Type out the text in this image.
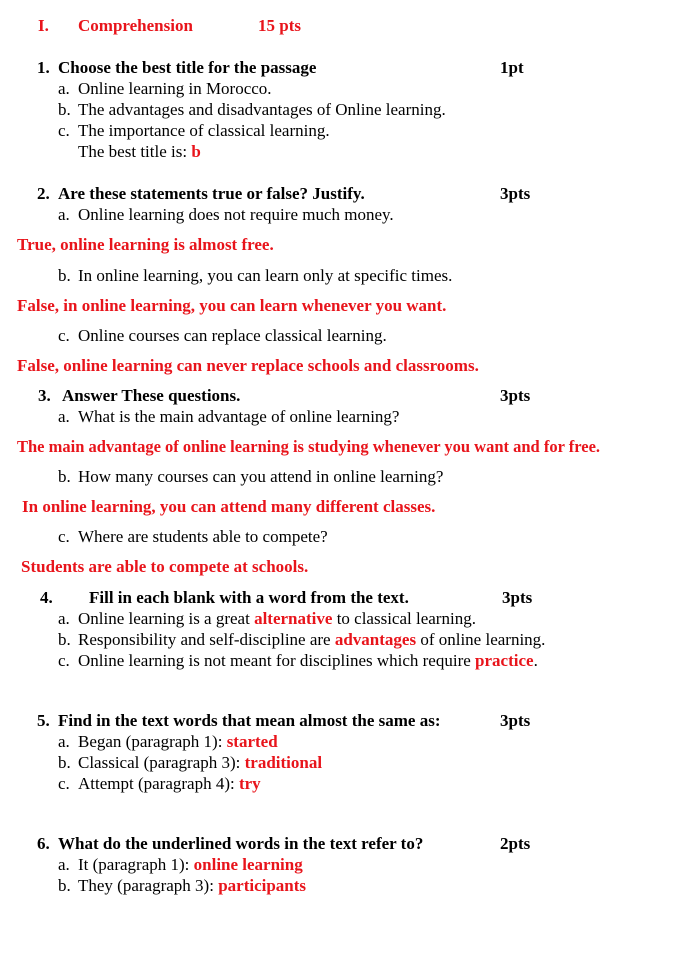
I. Comprehension	15 pts
1. Choose the best title for the passage	1pt
a. Online learning in Morocco.
b. The advantages and disadvantages of Online learning.
c. The importance of classical learning.
The best title is: b
2. Are these statements true or false? Justify.	3pts
a. Online learning does not require much money.
True, online learning is almost free.
b. In online learning, you can learn only at specific times.
False, in online learning, you can learn whenever you want.
c. Online courses can replace classical learning.
False, online learning can never replace schools and classrooms.
3. Answer These questions.	3pts
a. What is the main advantage of online learning?
The main advantage of online learning is studying whenever you want and for free.
b. How many courses can you attend in online learning?
In online learning, you can attend many different classes.
c. Where are students able to compete?
Students are able to compete at schools.
4. Fill in each blank with a word from the text.	3pts
a. Online learning is a great alternative to classical learning.
b. Responsibility and self-discipline are advantages of online learning.
c. Online learning is not meant for disciplines which require practice.
5. Find in the text words that mean almost the same as:	3pts
a. Began (paragraph 1): started
b. Classical (paragraph 3): traditional
c. Attempt (paragraph 4): try
6. What do the underlined words in the text refer to?	2pts
a. It (paragraph 1): online learning
b. They (paragraph 3): participants
